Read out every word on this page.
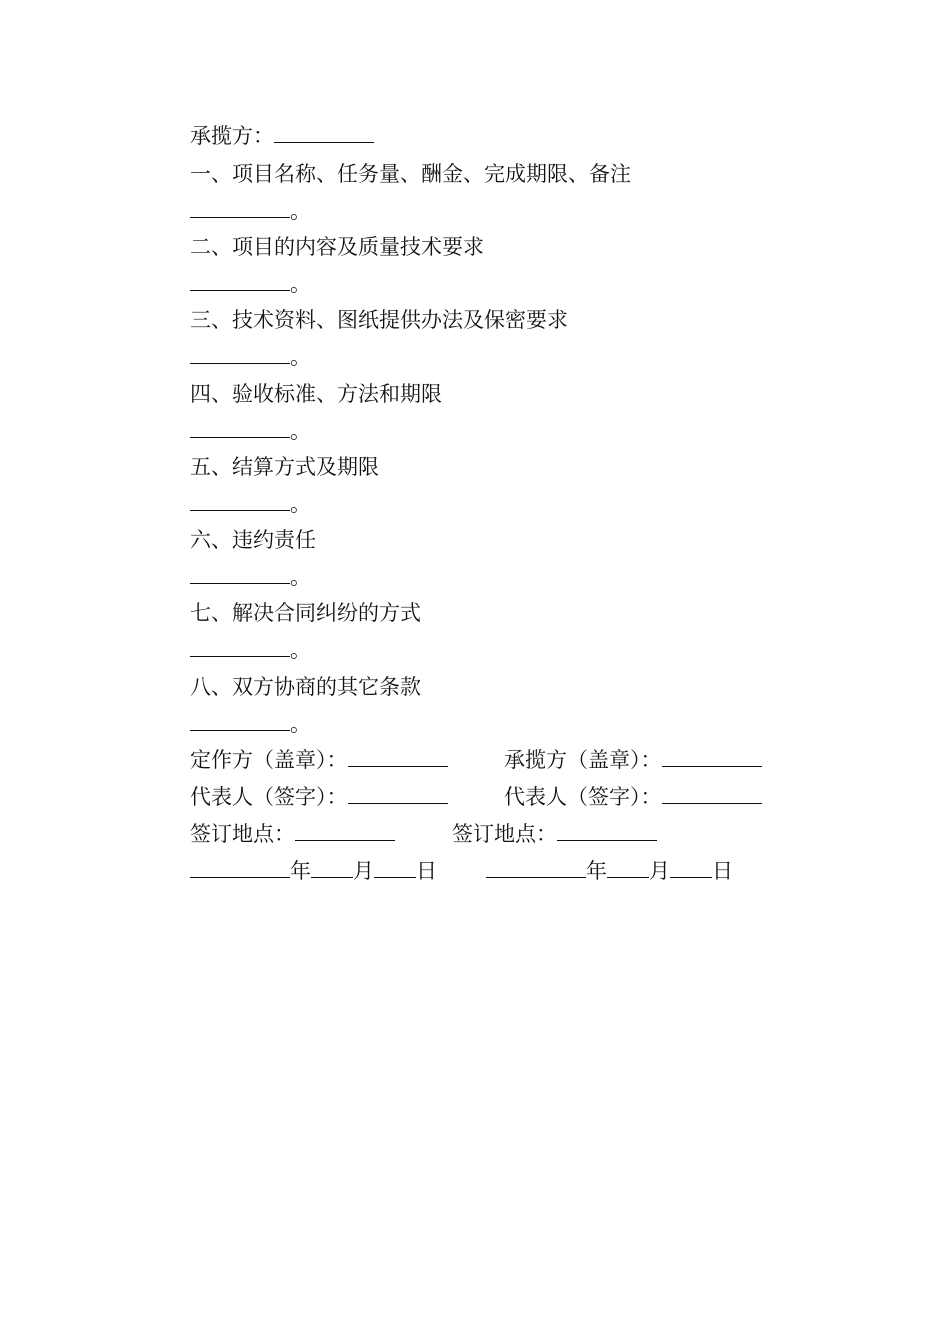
承揽方：
一、项目名称、任务量、酬金、完成期限、备注
。
二、项目的内容及质量技术要求
。
三、技术资料、图纸提供办法及保密要求
。
四、验收标准、方法和期限
。
五、结算方式及期限
。
六、违约责任
。
七、解决合同纠纷的方式
。
八、双方协商的其它条款
。
定作方（盖章）：	承揽方（盖章）：
代表人（签字）：	代表人（签字）：
签订地点：	签订地点：
年 月 日	年 月 日
